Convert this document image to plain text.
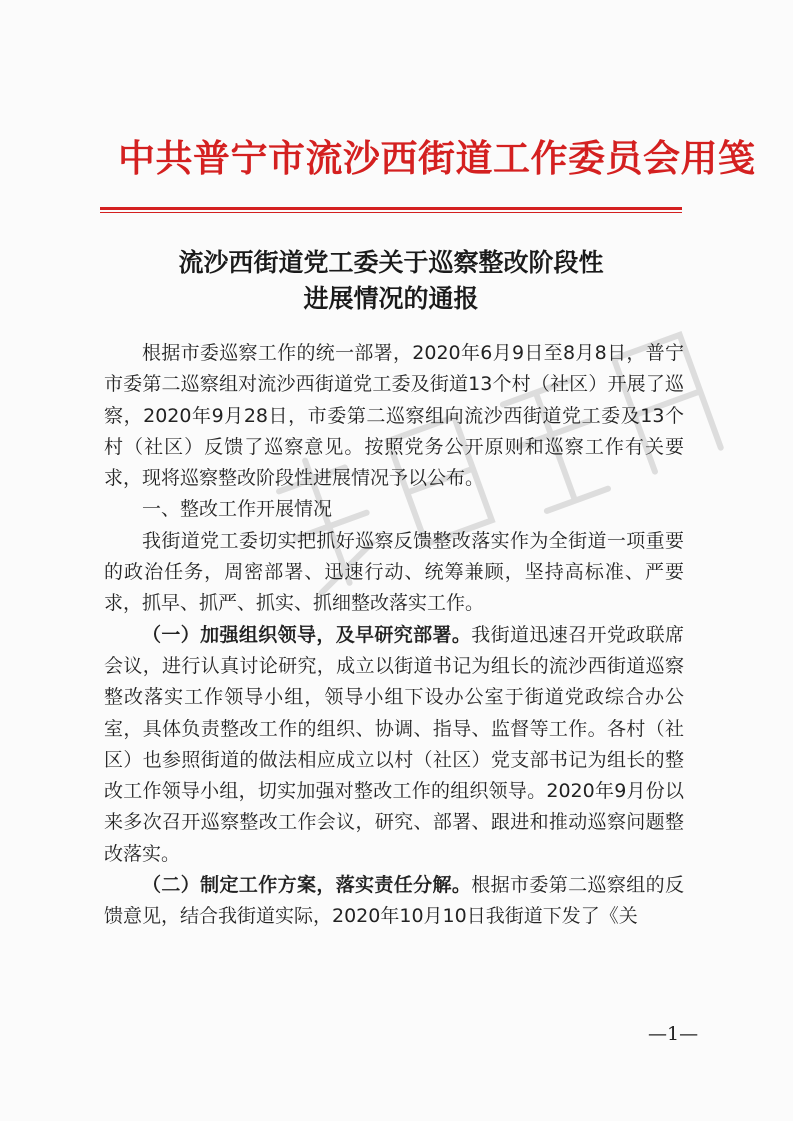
中共普宁市流沙西街道工作委员会用笺
流沙西街道党工委关于巡察整改阶段性
进展情况的通报

根据市委巡察工作的统一部署，2020年6月9日至8月8日，普宁市委第二巡察组对流沙西街道党工委及街道13个村（社区）开展了巡察，2020年9月28日，市委第二巡察组向流沙西街道党工委及13个村（社区）反馈了巡察意见。按照党务公开原则和巡察工作有关要求，现将巡察整改阶段性进展情况予以公布。

一、整改工作开展情况

我街道党工委切实把抓好巡察反馈整改落实作为全街道一项重要的政治任务，周密部署、迅速行动、统筹兼顾，坚持高标准、严要求，抓早、抓严、抓实、抓细整改落实工作。

（一）加强组织领导，及早研究部署。我街道迅速召开党政联席会议，进行认真讨论研究，成立以街道书记为组长的流沙西街道巡察整改落实工作领导小组，领导小组下设办公室于街道党政综合办公室，具体负责整改工作的组织、协调、指导、监督等工作。各村（社区）也参照街道的做法相应成立以村（社区）党支部书记为组长的整改工作领导小组，切实加强对整改工作的组织领导。2020年9月份以来多次召开巡察整改工作会议，研究、部署、跟进和推动巡察问题整改落实。

（二）制定工作方案，落实责任分解。根据市委第二巡察组的反馈意见，结合我街道实际，2020年10月10日我街道下发了《关

—1—
